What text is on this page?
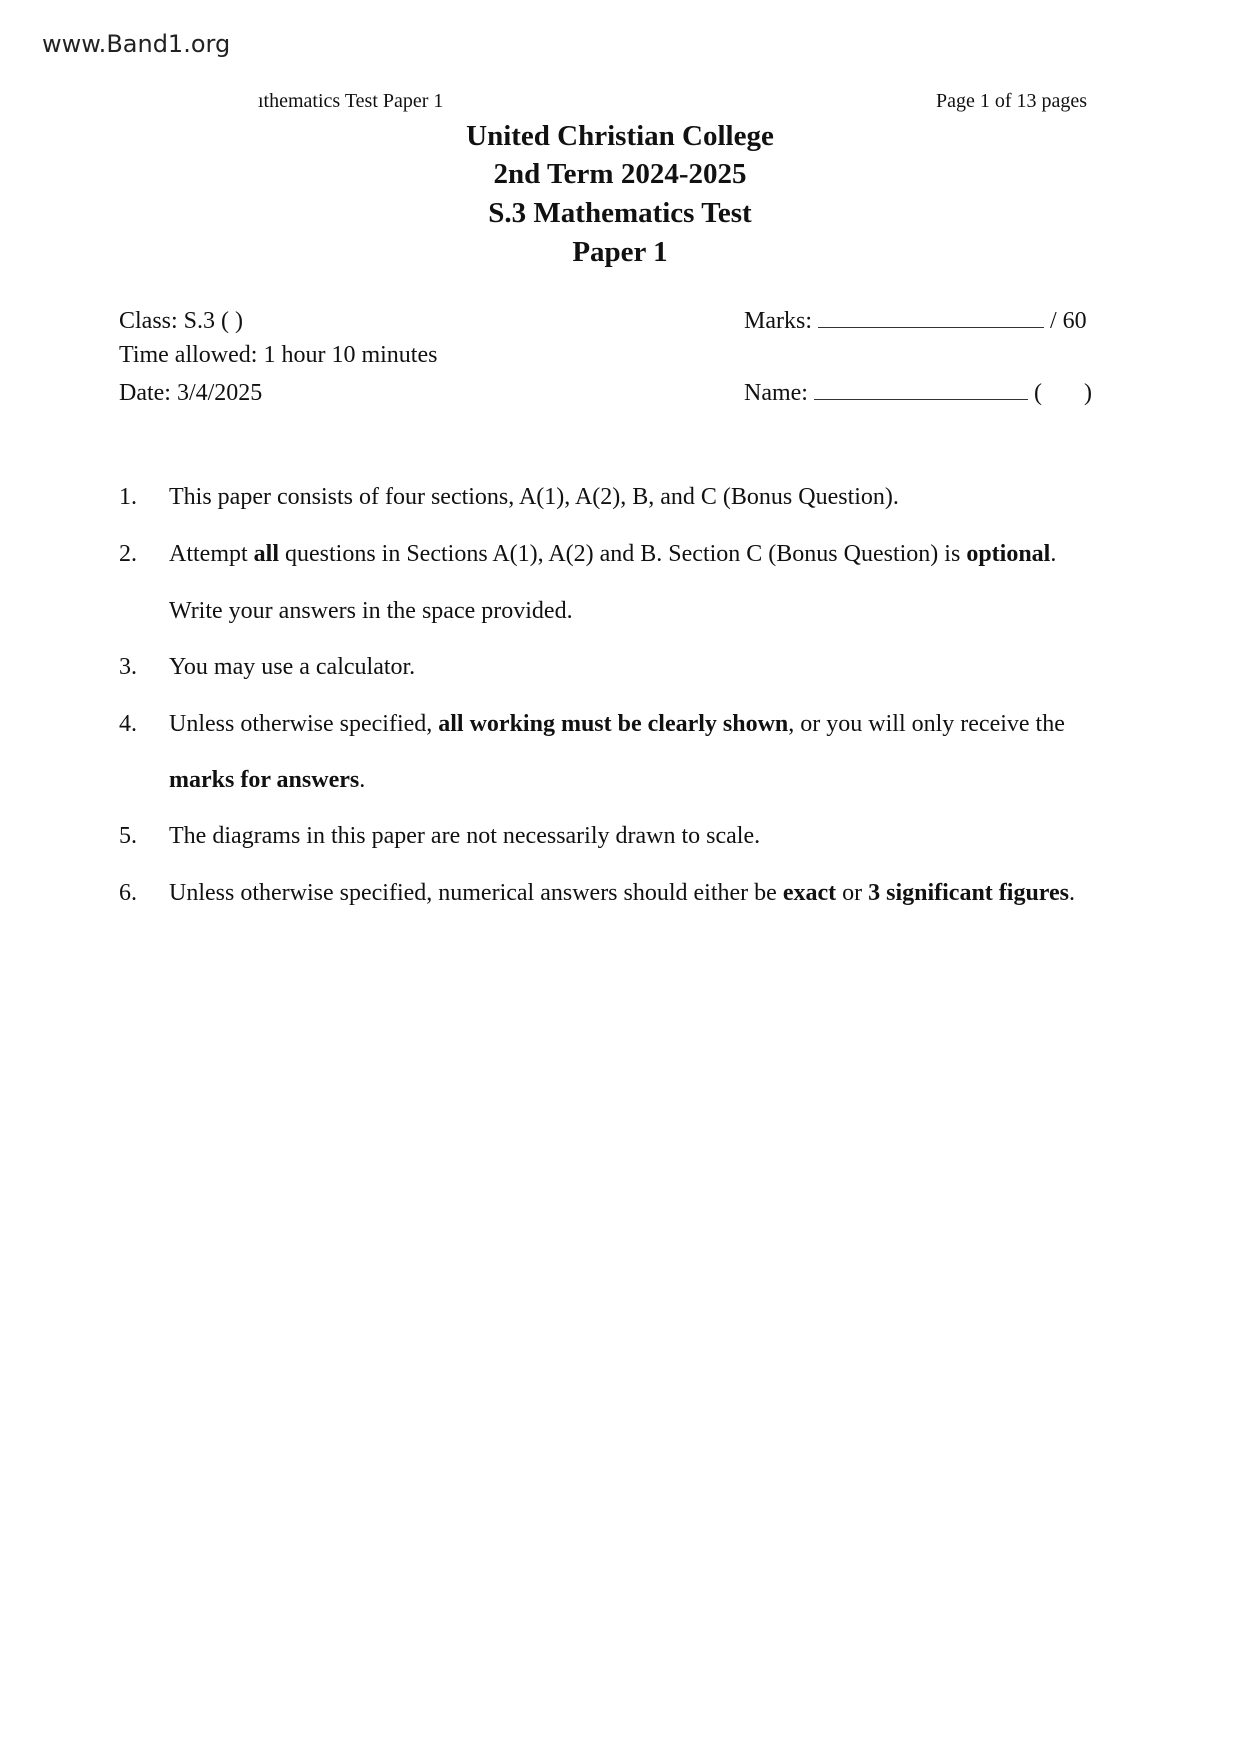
www.Band1.org
ıthematics Test Paper 1	Page 1 of 13 pages
United Christian College
2nd Term 2024-2025
S.3 Mathematics Test
Paper 1
Class: S.3 ( )
Time allowed: 1 hour 10 minutes
Date: 3/4/2025
Marks:	/ 60
Name:	(       )
1. This paper consists of four sections, A(1), A(2), B, and C (Bonus Question).
2. Attempt all questions in Sections A(1), A(2) and B. Section C (Bonus Question) is optional.
Write your answers in the space provided.
3. You may use a calculator.
4. Unless otherwise specified, all working must be clearly shown, or you will only receive the
marks for answers.
5. The diagrams in this paper are not necessarily drawn to scale.
6. Unless otherwise specified, numerical answers should either be exact or 3 significant figures.
